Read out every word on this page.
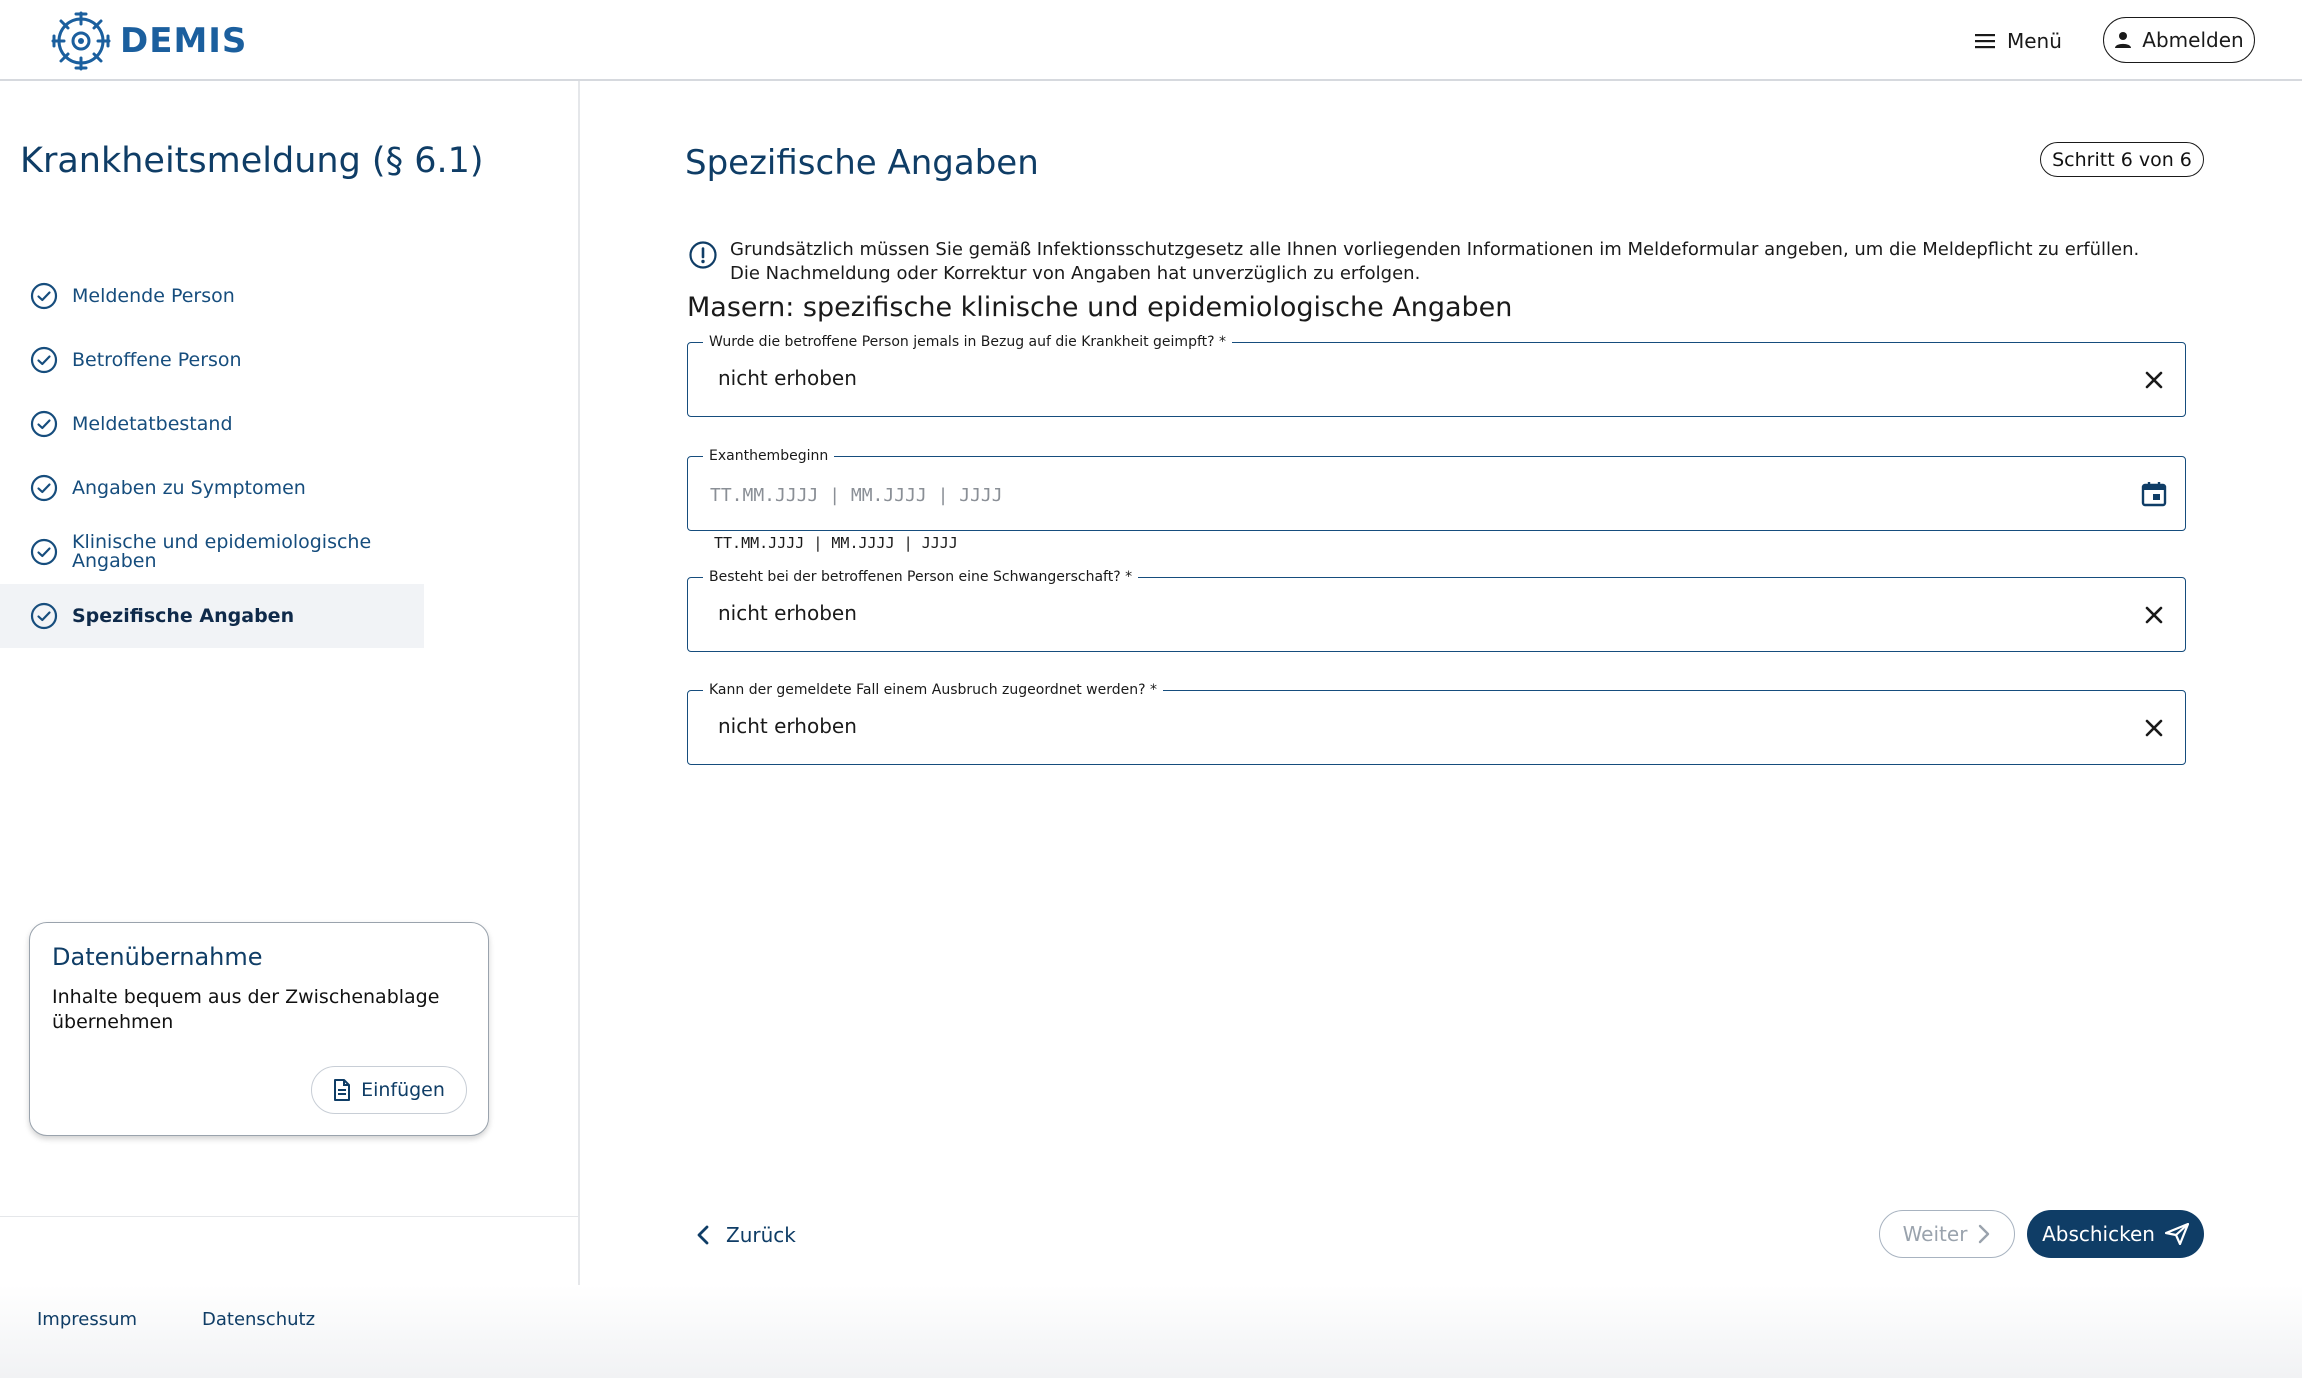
DEMIS	Menü	Abmelden
Krankheitsmeldung (§ 6.1)
Meldende Person
Betroffene Person
Meldetatbestand
Angaben zu Symptomen
Klinische und epidemiologische Angaben
Spezifische Angaben
Datenübernahme
Inhalte bequem aus der Zwischenablage übernehmen
Einfügen
Spezifische Angaben	Schritt 6 von 6
Grundsätzlich müssen Sie gemäß Infektionsschutzgesetz alle Ihnen vorliegenden Informationen im Meldeformular angeben, um die Meldepflicht zu erfüllen. Die Nachmeldung oder Korrektur von Angaben hat unverzüglich zu erfolgen.
Masern: spezifische klinische und epidemiologische Angaben
Wurde die betroffene Person jemals in Bezug auf die Krankheit geimpft? *
nicht erhoben
Exanthembeginn
TT.MM.JJJJ | MM.JJJJ | JJJJ
TT.MM.JJJJ | MM.JJJJ | JJJJ
Besteht bei der betroffenen Person eine Schwangerschaft? *
nicht erhoben
Kann der gemeldete Fall einem Ausbruch zugeordnet werden? *
nicht erhoben
Zurück	Weiter	Abschicken
Impressum	Datenschutz
